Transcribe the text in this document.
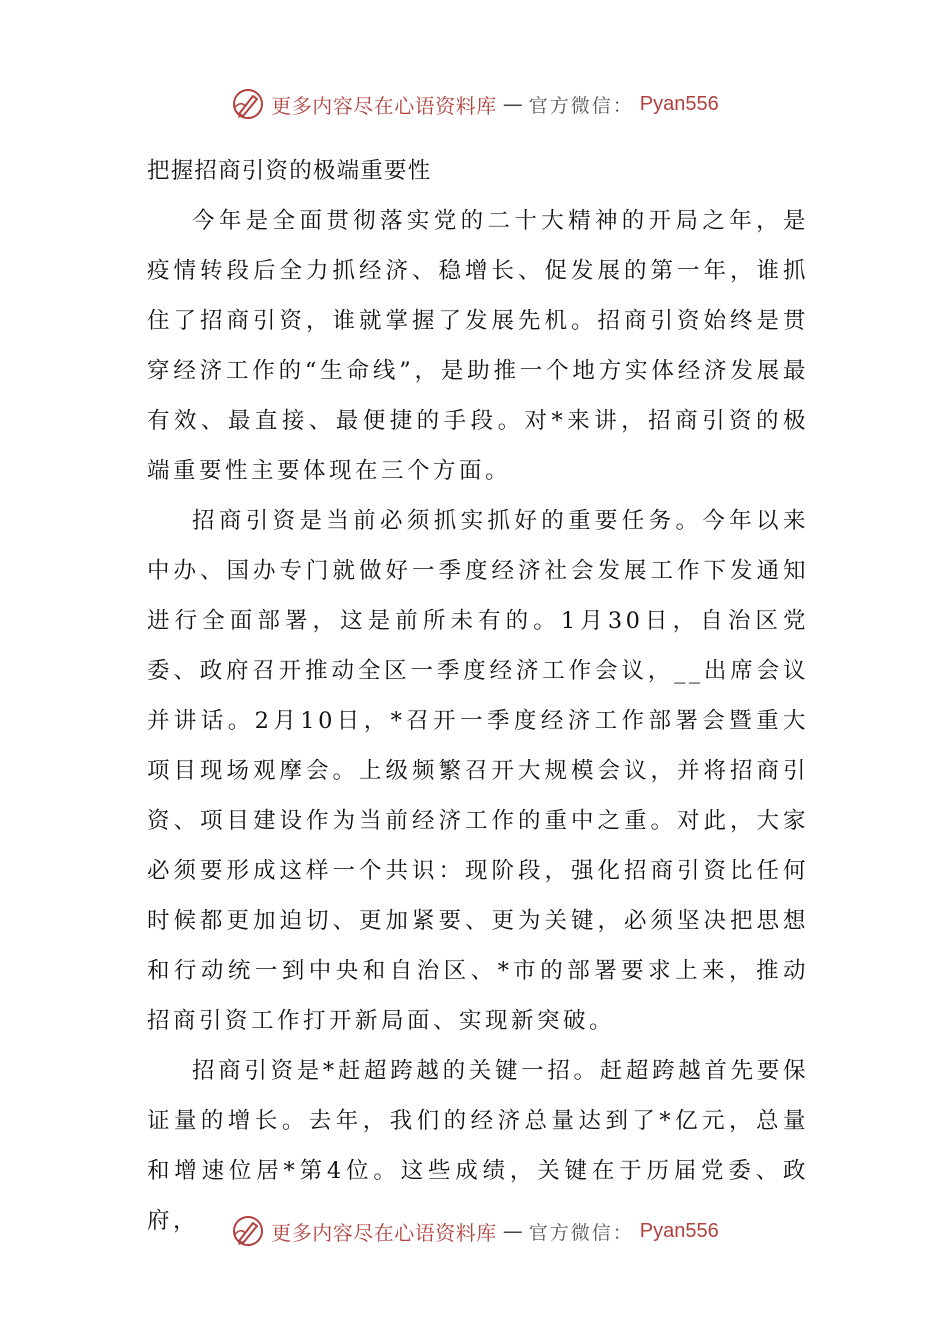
更多内容尽在心语资料库 — 官方微信： Pyan556

把握招商引资的极端重要性

今年是全面贯彻落实党的二十大精神的开局之年，是疫情转段后全力抓经济、稳增长、促发展的第一年，谁抓住了招商引资，谁就掌握了发展先机。招商引资始终是贯穿经济工作的“生命线”，是助推一个地方实体经济发展最有效、最直接、最便捷的手段。对*来讲，招商引资的极端重要性主要体现在三个方面。

招商引资是当前必须抓实抓好的重要任务。今年以来中办、国办专门就做好一季度经济社会发展工作下发通知进行全面部署，这是前所未有的。1月30日，自治区党委、政府召开推动全区一季度经济工作会议，__出席会议并讲话。2月10日，*召开一季度经济工作部署会暨重大项目现场观摩会。上级频繁召开大规模会议，并将招商引资、项目建设作为当前经济工作的重中之重。对此，大家必须要形成这样一个共识：现阶段，强化招商引资比任何时候都更加迫切、更加紧要、更为关键，必须坚决把思想和行动统一到中央和自治区、*市的部署要求上来，推动招商引资工作打开新局面、实现新突破。

招商引资是*赶超跨越的关键一招。赶超跨越首先要保证量的增长。去年，我们的经济总量达到了*亿元，总量和增速位居*第4位。这些成绩，关键在于历届党委、政府，	更多内容尽在心语资料库 — 官方微信： Pyan556
